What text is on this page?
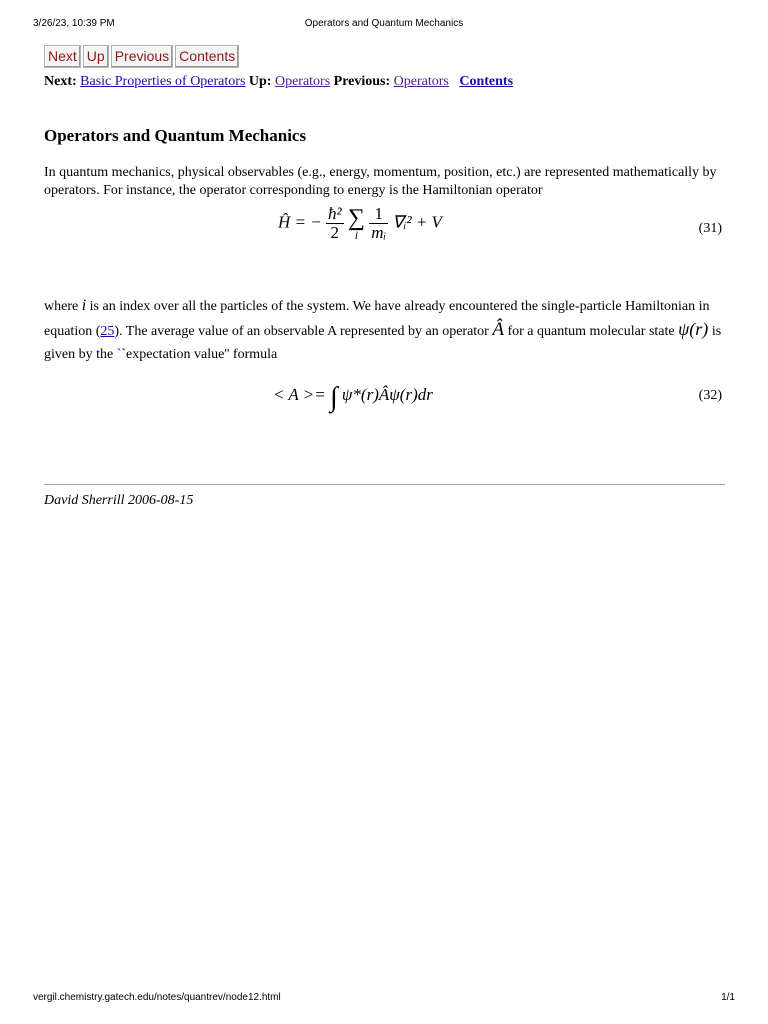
3/26/23, 10:39 PM	Operators and Quantum Mechanics
Next Up Previous Contents
Next: Basic Properties of Operators Up: Operators Previous: Operators Contents
Operators and Quantum Mechanics

In quantum mechanics, physical observables (e.g., energy, momentum, position, etc.) are represented mathematically by operators. For instance, the operator corresponding to energy is the Hamiltonian operator

Ĥ = − $\frac{\text{ħ²}}{2}$
∑
i
$\frac{1}{\text{mᵢ}}$ ∇ᵢ² + V	(31)

where i is an index over all the particles of the system. We have already encountered the single-particle Hamiltonian in equation (25). The average value of an observable A represented by an operator Â for a quantum molecular state ψ(r) is given by the ``expectation value'' formula

< A >= ∫ ψ*(r)Âψ(r)dr	(32)
David Sherrill 2006-08-15
vergil.chemistry.gatech.edu/notes/quantrev/node12.html	1/1
